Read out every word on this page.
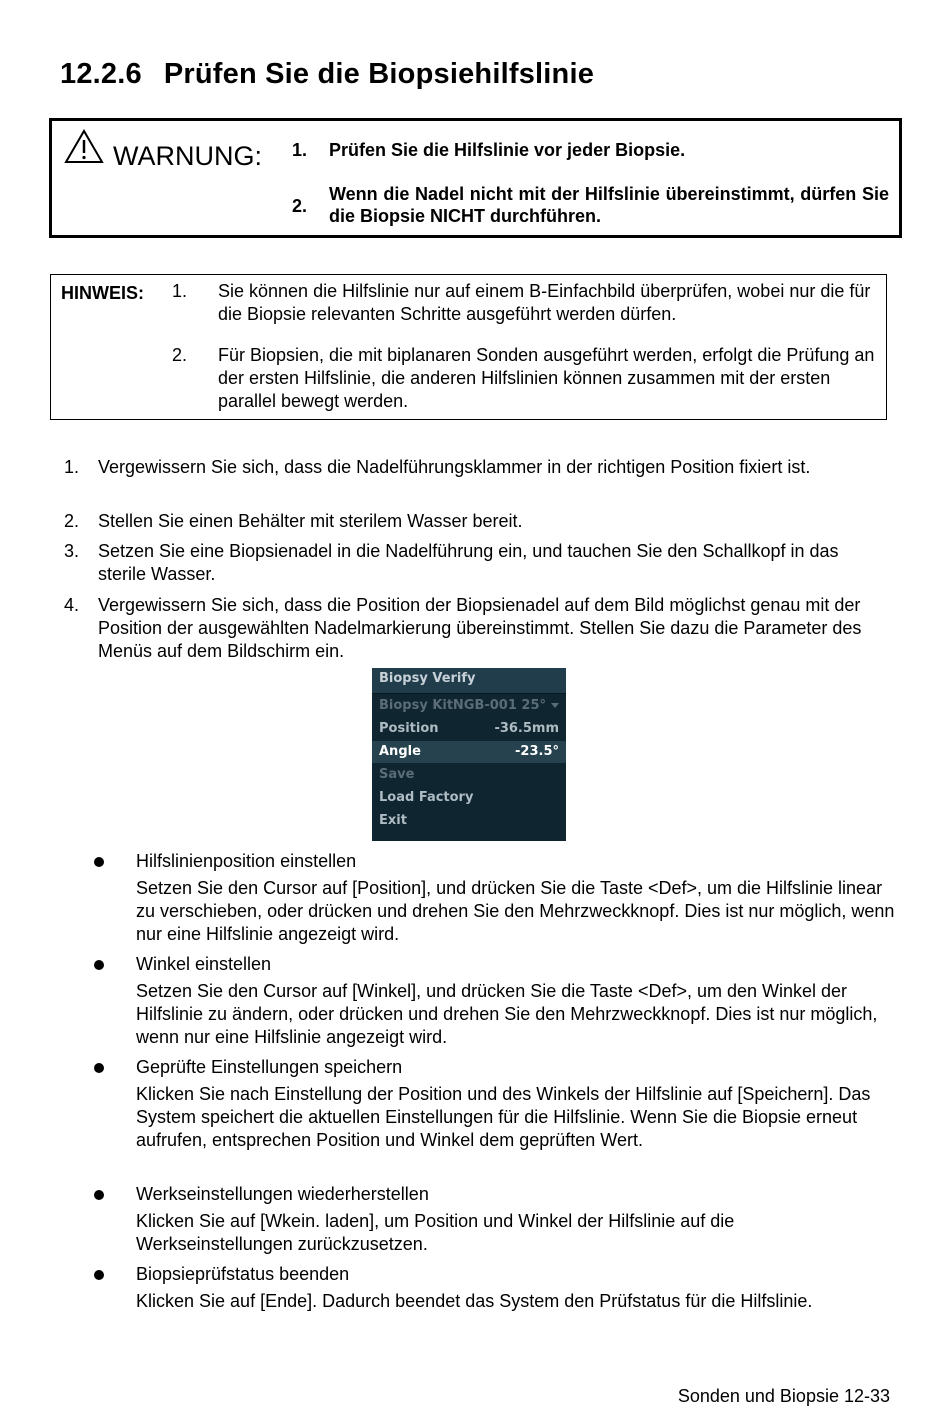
12.2.6 Prüfen Sie die Biopsiehilfslinie
WARNUNG: 1. Prüfen Sie die Hilfslinie vor jeder Biopsie.
2.
Wenn die Nadel nicht mit der Hilfslinie übereinstimmt, dürfen Sie die Biopsie NICHT durchführen.
HINWEIS: 1. Sie können die Hilfslinie nur auf einem B-Einfachbild überprüfen, wobei nur die für die Biopsie relevanten Schritte ausgeführt werden dürfen.
2. Für Biopsien, die mit biplanaren Sonden ausgeführt werden, erfolgt die Prüfung an der ersten Hilfslinie, die anderen Hilfslinien können zusammen mit der ersten parallel bewegt werden.
1. Vergewissern Sie sich, dass die Nadelführungsklammer in der richtigen Position fixiert ist.
2. Stellen Sie einen Behälter mit sterilem Wasser bereit.
3. Setzen Sie eine Biopsienadel in die Nadelführung ein, und tauchen Sie den Schallkopf in das sterile Wasser.
4. Vergewissern Sie sich, dass die Position der Biopsienadel auf dem Bild möglichst genau mit der Position der ausgewählten Nadelmarkierung übereinstimmt. Stellen Sie dazu die Parameter des Menüs auf dem Bildschirm ein.
Biopsy Verify
Biopsy Kit NGB-001 25°
Position	-36.5mm
Angle	-23.5°
Save
Load Factory
Exit
Hilfslinienposition einstellen
Setzen Sie den Cursor auf [Position], und drücken Sie die Taste <Def>, um die Hilfslinie linear zu verschieben, oder drücken und drehen Sie den Mehrzweckknopf. Dies ist nur möglich, wenn nur eine Hilfslinie angezeigt wird.
Winkel einstellen
Setzen Sie den Cursor auf [Winkel], und drücken Sie die Taste <Def>, um den Winkel der Hilfslinie zu ändern, oder drücken und drehen Sie den Mehrzweckknopf. Dies ist nur möglich, wenn nur eine Hilfslinie angezeigt wird.
Geprüfte Einstellungen speichern
Klicken Sie nach Einstellung der Position und des Winkels der Hilfslinie auf [Speichern]. Das System speichert die aktuellen Einstellungen für die Hilfslinie. Wenn Sie die Biopsie erneut aufrufen, entsprechen Position und Winkel dem geprüften Wert.
Werkseinstellungen wiederherstellen
Klicken Sie auf [Wkein. laden], um Position und Winkel der Hilfslinie auf die Werkseinstellungen zurückzusetzen.
Biopsieprüfstatus beenden
Klicken Sie auf [Ende]. Dadurch beendet das System den Prüfstatus für die Hilfslinie.
Sonden und Biopsie 12-33
